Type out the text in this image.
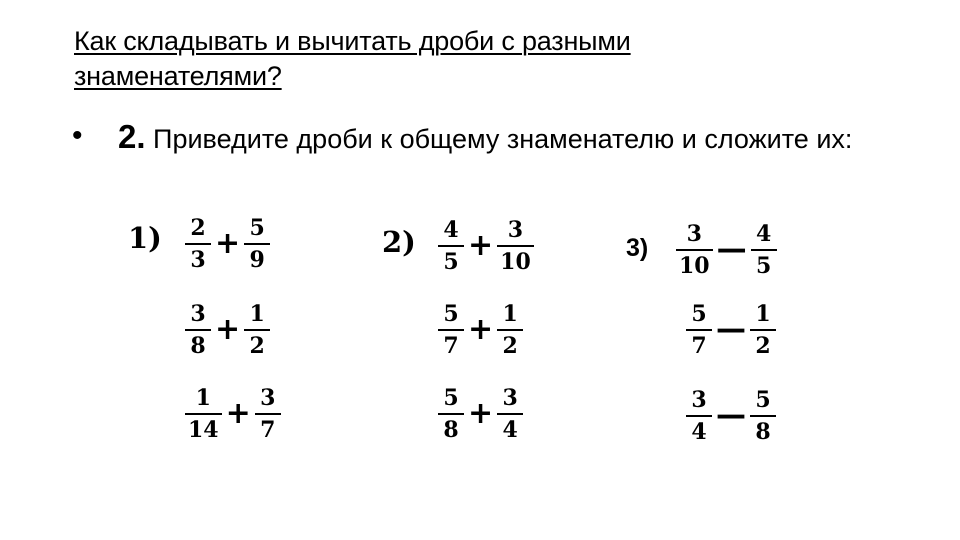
Как складывать и вычитать дроби с разными знаменателями?
• 2. Приведите дроби к общему знаменателю и сложите их:
1)	2)	3)
$\frac{2}{3} + \frac{5}{9}$
$\frac{3}{8} + \frac{1}{2}$
$\frac{1}{14} + \frac{3}{7}$
$\frac{4}{5} + \frac{3}{10}$
$\frac{5}{7} + \frac{1}{2}$
$\frac{5}{8} + \frac{3}{4}$
$\frac{3}{10}$ — $\frac{4}{5}$
$\frac{5}{7}$ — $\frac{1}{2}$
$\frac{3}{4}$ — $\frac{5}{8}$
